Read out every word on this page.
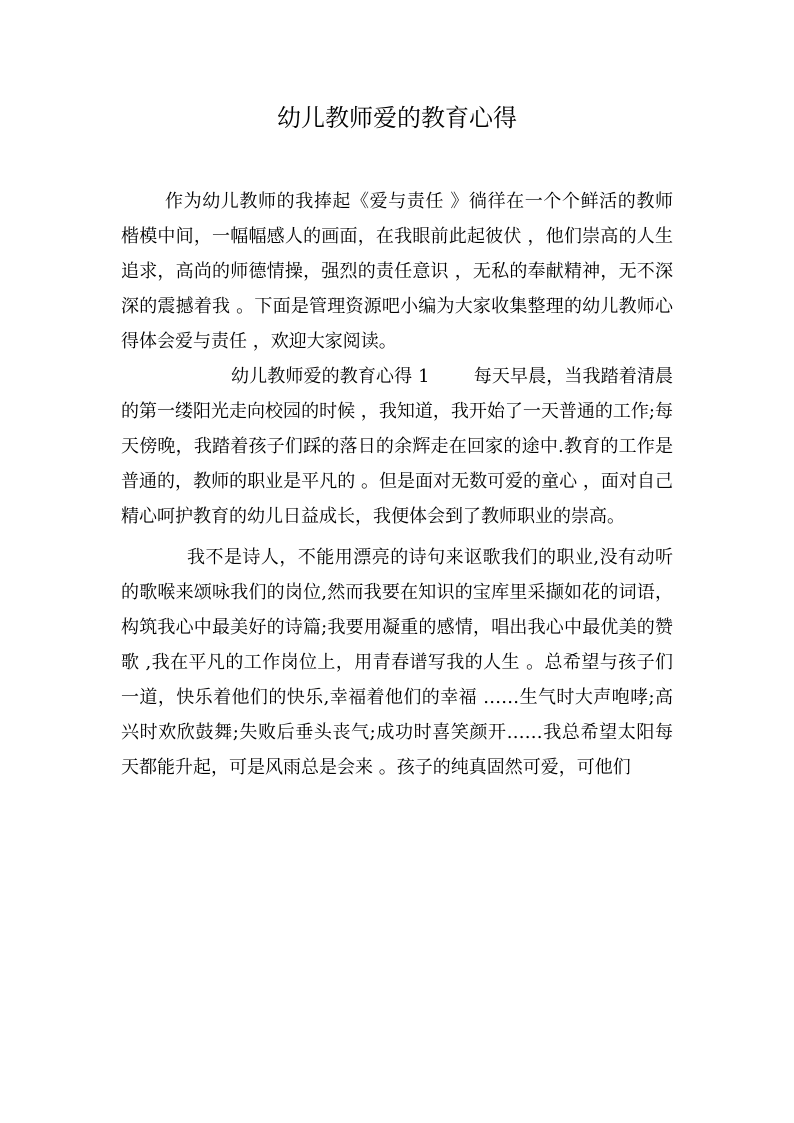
幼儿教师爱的教育心得

作为幼儿教师的我捧起《爱与责任 》徜徉在一个个鲜活的教师楷模中间，一幅幅感人的画面，在我眼前此起彼伏 ，他们崇高的人生追求，高尚的师德情操，强烈的责任意识 ，无私的奉献精神，无不深深的震撼着我 。下面是管理资源吧小编为大家收集整理的幼儿教师心得体会爱与责任 ，欢迎大家阅读。

幼儿教师爱的教育心得 1 每天早晨，当我踏着清晨的第一缕阳光走向校园的时候 ，我知道，我开始了一天普通的工作;每天傍晚，我踏着孩子们踩的落日的余辉走在回家的途中.教育的工作是普通的，教师的职业是平凡的 。但是面对无数可爱的童心 ，面对自己精心呵护教育的幼儿日益成长，我便体会到了教师职业的崇高。

我不是诗人，不能用漂亮的诗句来讴歌我们的职业,没有动听的歌喉来颂咏我们的岗位,然而我要在知识的宝库里采撷如花的词语，构筑我心中最美好的诗篇;我要用凝重的感情，唱出我心中最优美的赞歌 ,我在平凡的工作岗位上，用青春谱写我的人生 。总希望与孩子们一道，快乐着他们的快乐,幸福着他们的幸福 ……生气时大声咆哮;高兴时欢欣鼓舞;失败后垂头丧气;成功时喜笑颜开……我总希望太阳每天都能升起，可是风雨总是会来 。孩子的纯真固然可爱，可他们
